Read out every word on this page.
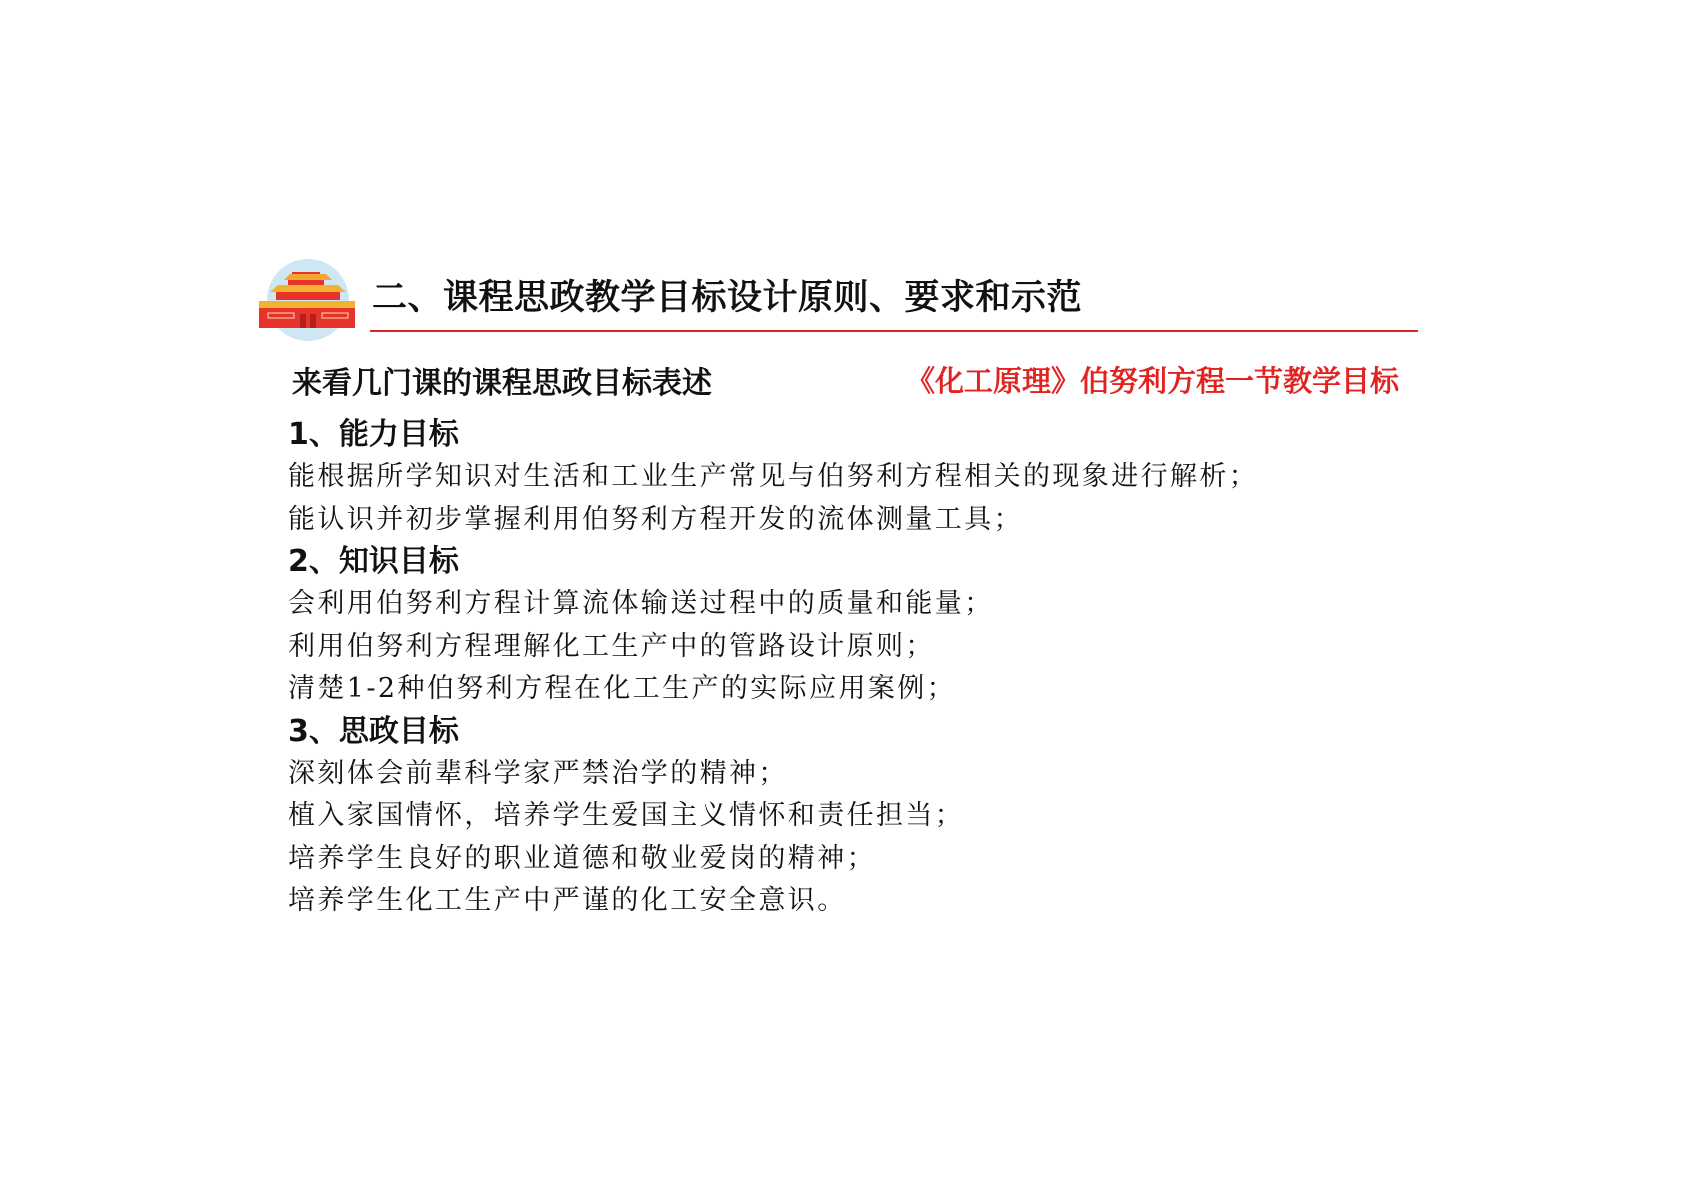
二、课程思政教学目标设计原则、要求和示范
来看几门课的课程思政目标表述	《化工原理》伯努利方程一节教学目标
1、能力目标
能根据所学知识对生活和工业生产常见与伯努利方程相关的现象进行解析；
能认识并初步掌握利用伯努利方程开发的流体测量工具；
2、知识目标
会利用伯努利方程计算流体输送过程中的质量和能量；
利用伯努利方程理解化工生产中的管路设计原则；
清楚1-2种伯努利方程在化工生产的实际应用案例；
3、思政目标
深刻体会前辈科学家严禁治学的精神；
植入家国情怀，培养学生爱国主义情怀和责任担当；
培养学生良好的职业道德和敬业爱岗的精神；
培养学生化工生产中严谨的化工安全意识。
